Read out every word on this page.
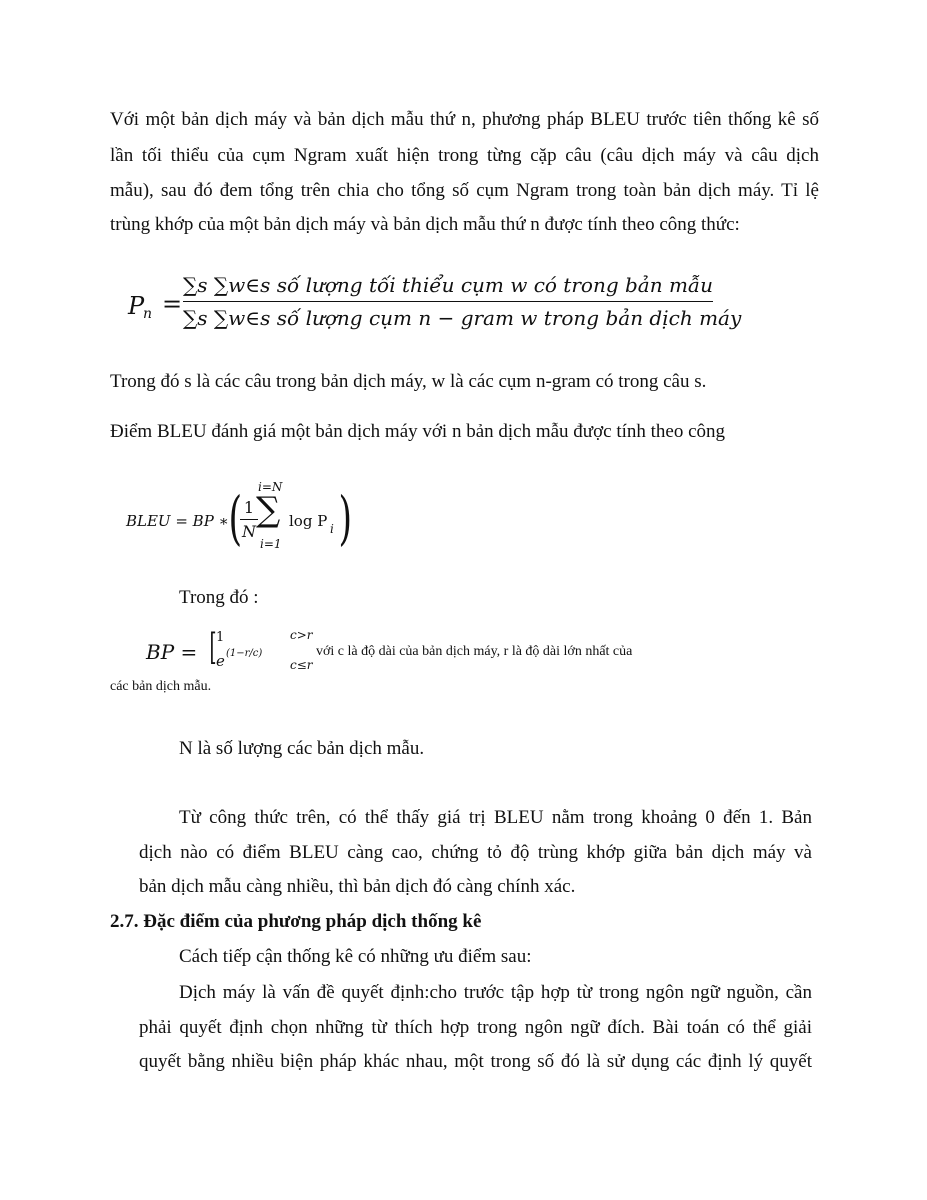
Với một bản dịch máy và bản dịch mẫu thứ n, phương pháp BLEU trước tiên thống kê số
lần tối thiểu của cụm Ngram xuất hiện trong từng cặp câu (câu dịch máy và câu dịch
mẫu), sau đó đem tổng trên chia cho tổng số cụm Ngram trong toàn bản dịch máy. Tỉ lệ
trùng khớp của một bản dịch máy và bản dịch mẫu thứ n được tính theo công thức:
P
n =
∑s ∑w∈s số lượng tối thiểu cụm w có trong bản mẫu
∑s ∑w∈s số lượng cụm n − gram w trong bản dịch máy
Trong đó s là các câu trong bản dịch máy, w là các cụm n-gram có trong câu s.
Điểm BLEU đánh giá một bản dịch máy với n bản dịch mẫu được tính theo công
BLEU = BP ∗ (
$\frac{1}{N}$
i=N
∑
i=1
log P i )
Trong đó :
BP = [ 1
e (1−r/c)
c>r
c≤r
với c là độ dài của bản dịch máy, r là độ dài lớn nhất của
các bản dịch mẫu.
N là số lượng các bản dịch mẫu.
Từ công thức trên, có thể thấy giá trị BLEU nằm trong khoảng 0 đến 1. Bản
dịch nào có điểm BLEU càng cao, chứng tỏ độ trùng khớp giữa bản dịch máy và
bản dịch mẫu càng nhiều, thì bản dịch đó càng chính xác.
2.7. Đặc điểm của phương pháp dịch thống kê
Cách tiếp cận thống kê có những ưu điểm sau:
Dịch máy là vấn đề quyết định:cho trước tập hợp từ trong ngôn ngữ nguồn, cần
phải quyết định chọn những từ thích hợp trong ngôn ngữ đích. Bài toán có thể giải
quyết bằng nhiều biện pháp khác nhau, một trong số đó là sử dụng các định lý quyết
